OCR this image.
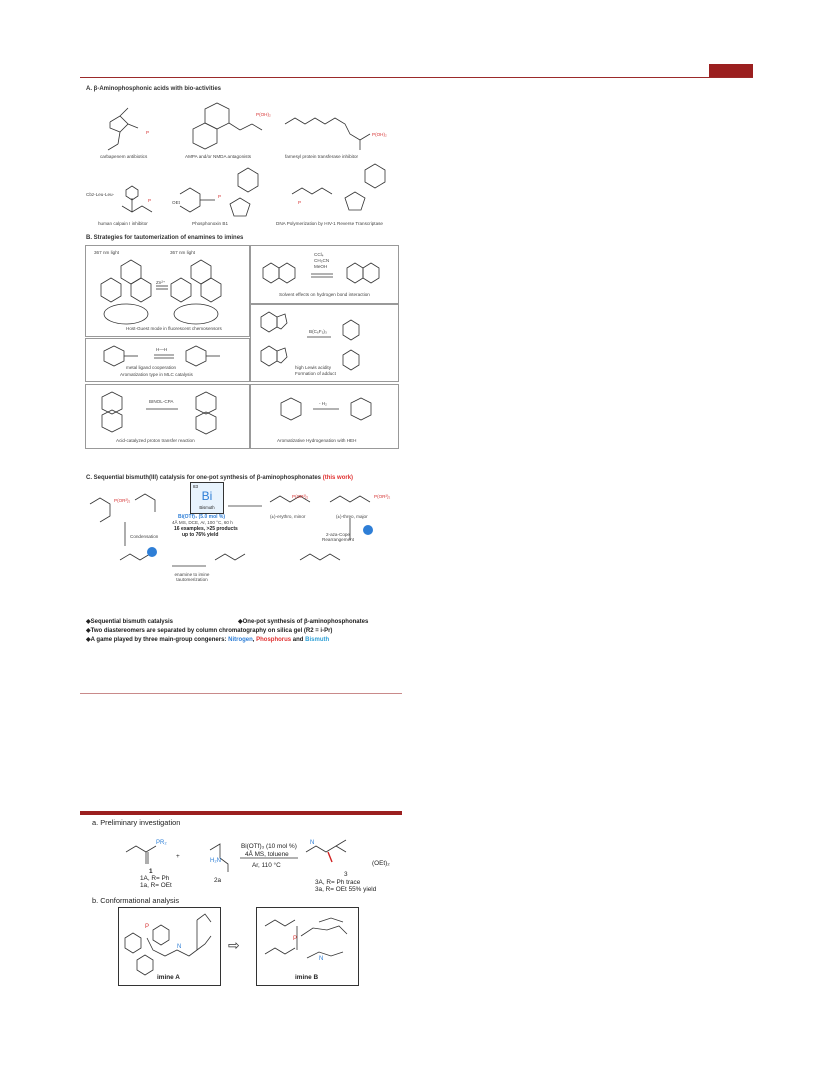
A. β-Aminophosphonic acids with bio-activities
P
P(OH)₂
P(OH)₂
P
P
P
carbapenem antibiotics	AMPA and/or NMDA antagonists	farnesyl protein transferase inhibitor
Cbz-Leu-Leu-
OEt
human calpain I inhibitor	Phosphonoxin B1	DNA Polymerization by HIV-1 Reverse Transcriptase
B. Strategies for tautomerization of enamines to imines
367 nm light	367 nm light
Zn²⁺
Host-Guest mode in fluorescent chemosensors
CCl₄
CH₃CN
MeOH
Solvent effects on hydrogen bond interaction
H—H
metal ligand cooperation
Aromatization type in MLC catalysis
B(C₆F₅)₃
high Lewis acidity
Formation of adduct
BINOL-CPA
Acid-catalyzed proton transfer reaction
- H₂
Aromatizative Hydrogenation with HEH
C. Sequential bismuth(III) catalysis for one-pot synthesis of β-aminophosphonates (this work)
83
Bi
Bismuth
P(OR²)₂
P(OR²)₂	P(OR²)₂
Bi(OTf)₃ (5.0 mol %)
4Å MS, DCE, Ar, 100 °C, 60 h
16 examples, >25 products
up to 76% yield
(±)-erythro, minor	(±)-threo, major
Condensation	2-aza-Cope Rearrangement
enamine to imine tautomerization
◆Sequential bismuth catalysis	◆One-pot synthesis of β-aminophosphonates
◆Two diastereomers are separated by column chromatography on silica gel (R2 = i-Pr)
◆A game played by three main-group congeners: Nitrogen, Phosphorus and Bismuth
a. Preliminary investigation
PR₂
H₂N
N
+
Bi(OTf)₃ (10 mol %)
4Å MS, toluene
Ar, 110 °C	(OEt)₂
1
1A, R= Ph
1a, R= OEt
2a
3
3A, R= Ph trace
3a, R= OEt 55% yield
b. Conformational analysis
P
N
imine A
⇨	P
N
imine B
